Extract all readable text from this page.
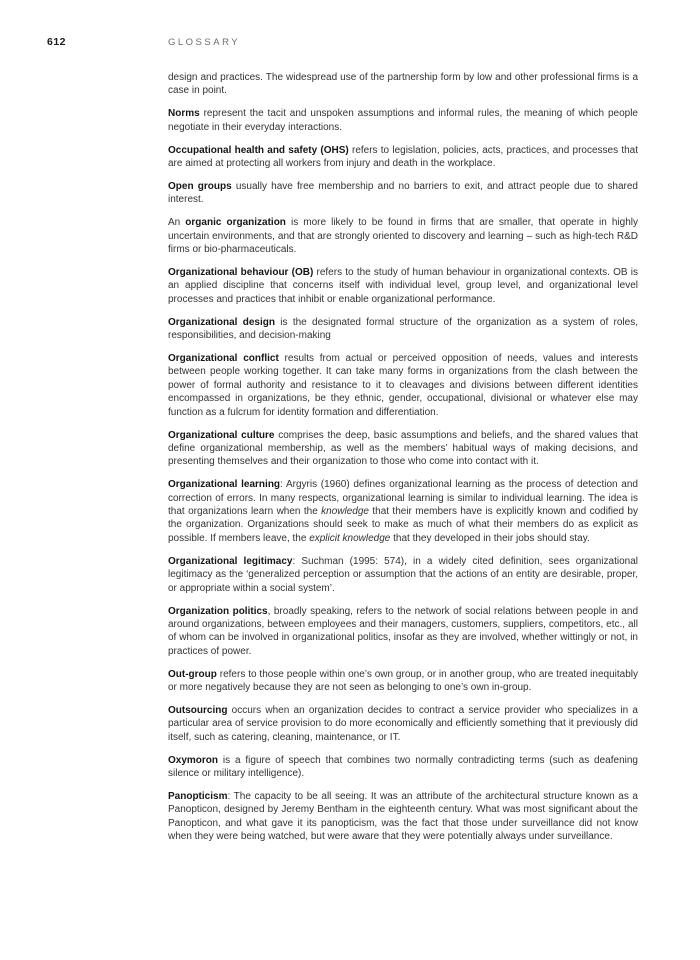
612	GLOSSARY

design and practices. The widespread use of the partnership form by low and other professional firms is a case in point.

Norms represent the tacit and unspoken assumptions and informal rules, the meaning of which people negotiate in their everyday interactions.

Occupational health and safety (OHS) refers to legislation, policies, acts, practices, and processes that are aimed at protecting all workers from injury and death in the workplace.

Open groups usually have free membership and no barriers to exit, and attract people due to shared interest.

An organic organization is more likely to be found in firms that are smaller, that operate in highly uncertain environments, and that are strongly oriented to discovery and learning – such as high-tech R&D firms or bio-pharmaceuticals.

Organizational behaviour (OB) refers to the study of human behaviour in organizational contexts. OB is an applied discipline that concerns itself with individual level, group level, and organizational level processes and practices that inhibit or enable organizational performance.

Organizational design is the designated formal structure of the organization as a system of roles, responsibilities, and decision-making

Organizational conflict results from actual or perceived opposition of needs, values and interests between people working together. It can take many forms in organizations from the clash between the power of formal authority and resistance to it to cleavages and divisions between different identities encompassed in organizations, be they ethnic, gender, occupational, divisional or whatever else may function as a fulcrum for identity formation and differentiation.

Organizational culture comprises the deep, basic assumptions and beliefs, and the shared values that define organizational membership, as well as the members’ habitual ways of making decisions, and presenting themselves and their organization to those who come into contact with it.

Organizational learning: Argyris (1960) defines organizational learning as the process of detection and correction of errors. In many respects, organizational learning is similar to individual learning. The idea is that organizations learn when the knowledge that their members have is explicitly known and codified by the organization. Organizations should seek to make as much of what their members do as explicit as possible. If members leave, the explicit knowledge that they developed in their jobs should stay.

Organizational legitimacy: Suchman (1995: 574), in a widely cited definition, sees organizational legitimacy as the ‘generalized perception or assumption that the actions of an entity are desirable, proper, or appropriate within a social system’.

Organization politics, broadly speaking, refers to the network of social relations between people in and around organizations, between employees and their managers, customers, suppliers, competitors, etc., all of whom can be involved in organizational politics, insofar as they are involved, whether wittingly or not, in practices of power.

Out-group refers to those people within one’s own group, or in another group, who are treated inequitably or more negatively because they are not seen as belonging to one’s own in-group.

Outsourcing occurs when an organization decides to contract a service provider who specializes in a particular area of service provision to do more economically and efficiently something that it previously did itself, such as catering, cleaning, maintenance, or IT.

Oxymoron is a figure of speech that combines two normally contradicting terms (such as deafening silence or military intelligence).

Panopticism: The capacity to be all seeing. It was an attribute of the architectural structure known as a Panopticon, designed by Jeremy Bentham in the eighteenth century. What was most significant about the Panopticon, and what gave it its panopticism, was the fact that those under surveillance did not know when they were being watched, but were aware that they were potentially always under surveillance.
